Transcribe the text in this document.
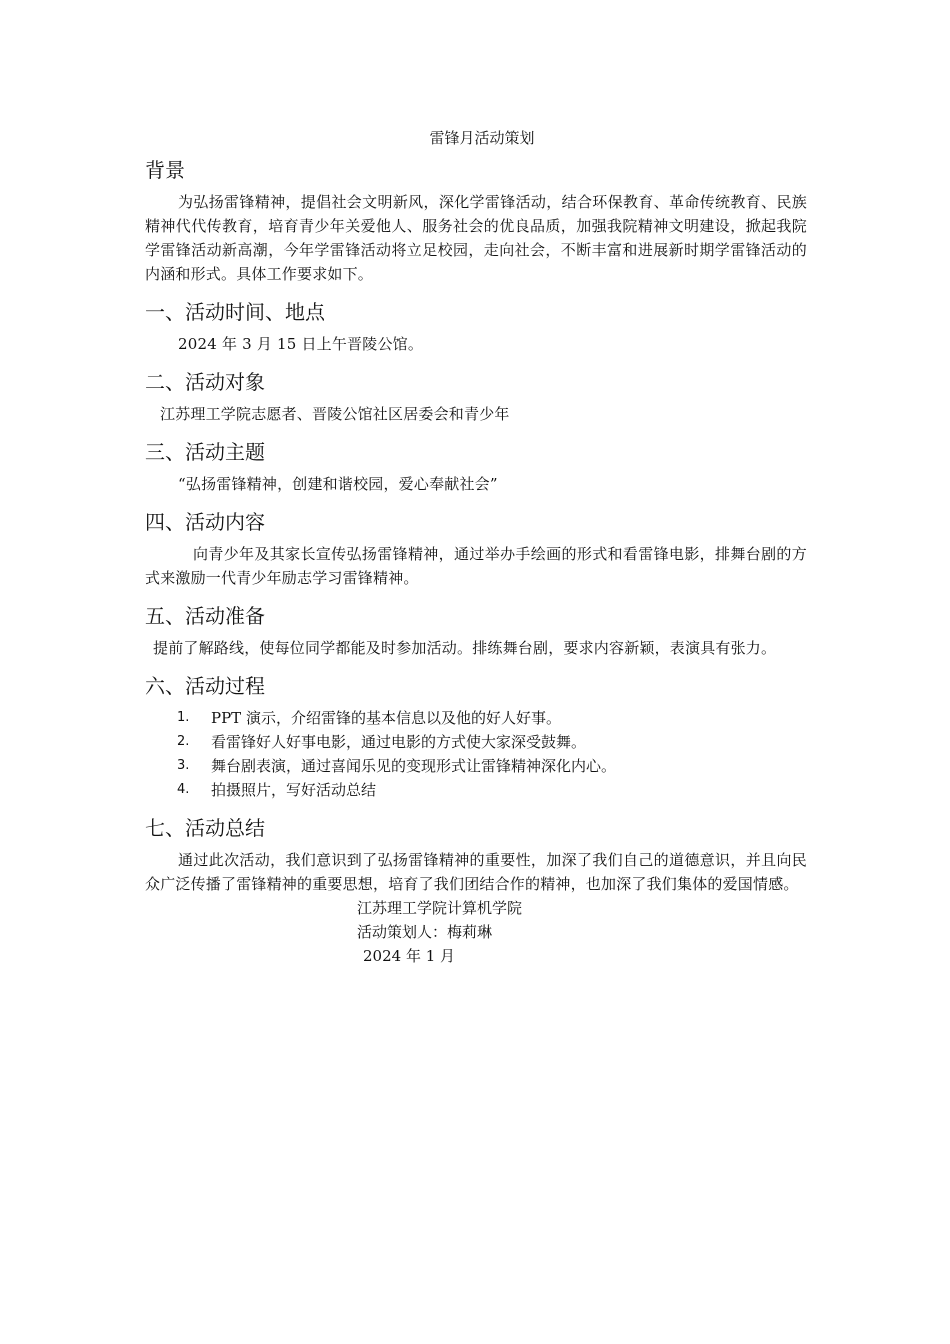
雷锋月活动策划
背景

为弘扬雷锋精神，提倡社会文明新风，深化学雷锋活动，结合环保教育、革命传统教育、民族精神代代传教育，培育青少年关爱他人、服务社会的优良品质，加强我院精神文明建设，掀起我院学雷锋活动新高潮，今年学雷锋活动将立足校园，走向社会，不断丰富和进展新时期学雷锋活动的内涵和形式。具体工作要求如下。

一、活动时间、地点

2024 年 3 月 15 日上午晋陵公馆。

二、活动对象

江苏理工学院志愿者、晋陵公馆社区居委会和青少年

三、活动主题

“弘扬雷锋精神，创建和谐校园，爱心奉献社会”

四、活动内容

向青少年及其家长宣传弘扬雷锋精神，通过举办手绘画的形式和看雷锋电影，排舞台剧的方式来激励一代青少年励志学习雷锋精神。

五、活动准备

提前了解路线，使每位同学都能及时参加活动。排练舞台剧，要求内容新颖，表演具有张力。

六、活动过程
1. PPT 演示，介绍雷锋的基本信息以及他的好人好事。
2. 看雷锋好人好事电影，通过电影的方式使大家深受鼓舞。
3. 舞台剧表演，通过喜闻乐见的变现形式让雷锋精神深化内心。
4. 拍摄照片，写好活动总结
七、活动总结

通过此次活动，我们意识到了弘扬雷锋精神的重要性，加深了我们自己的道德意识，并且向民众广泛传播了雷锋精神的重要思想，培育了我们团结合作的精神，也加深了我们集体的爱国情感。

江苏理工学院计算机学院
活动策划人：梅莉琳
2024 年 1 月
